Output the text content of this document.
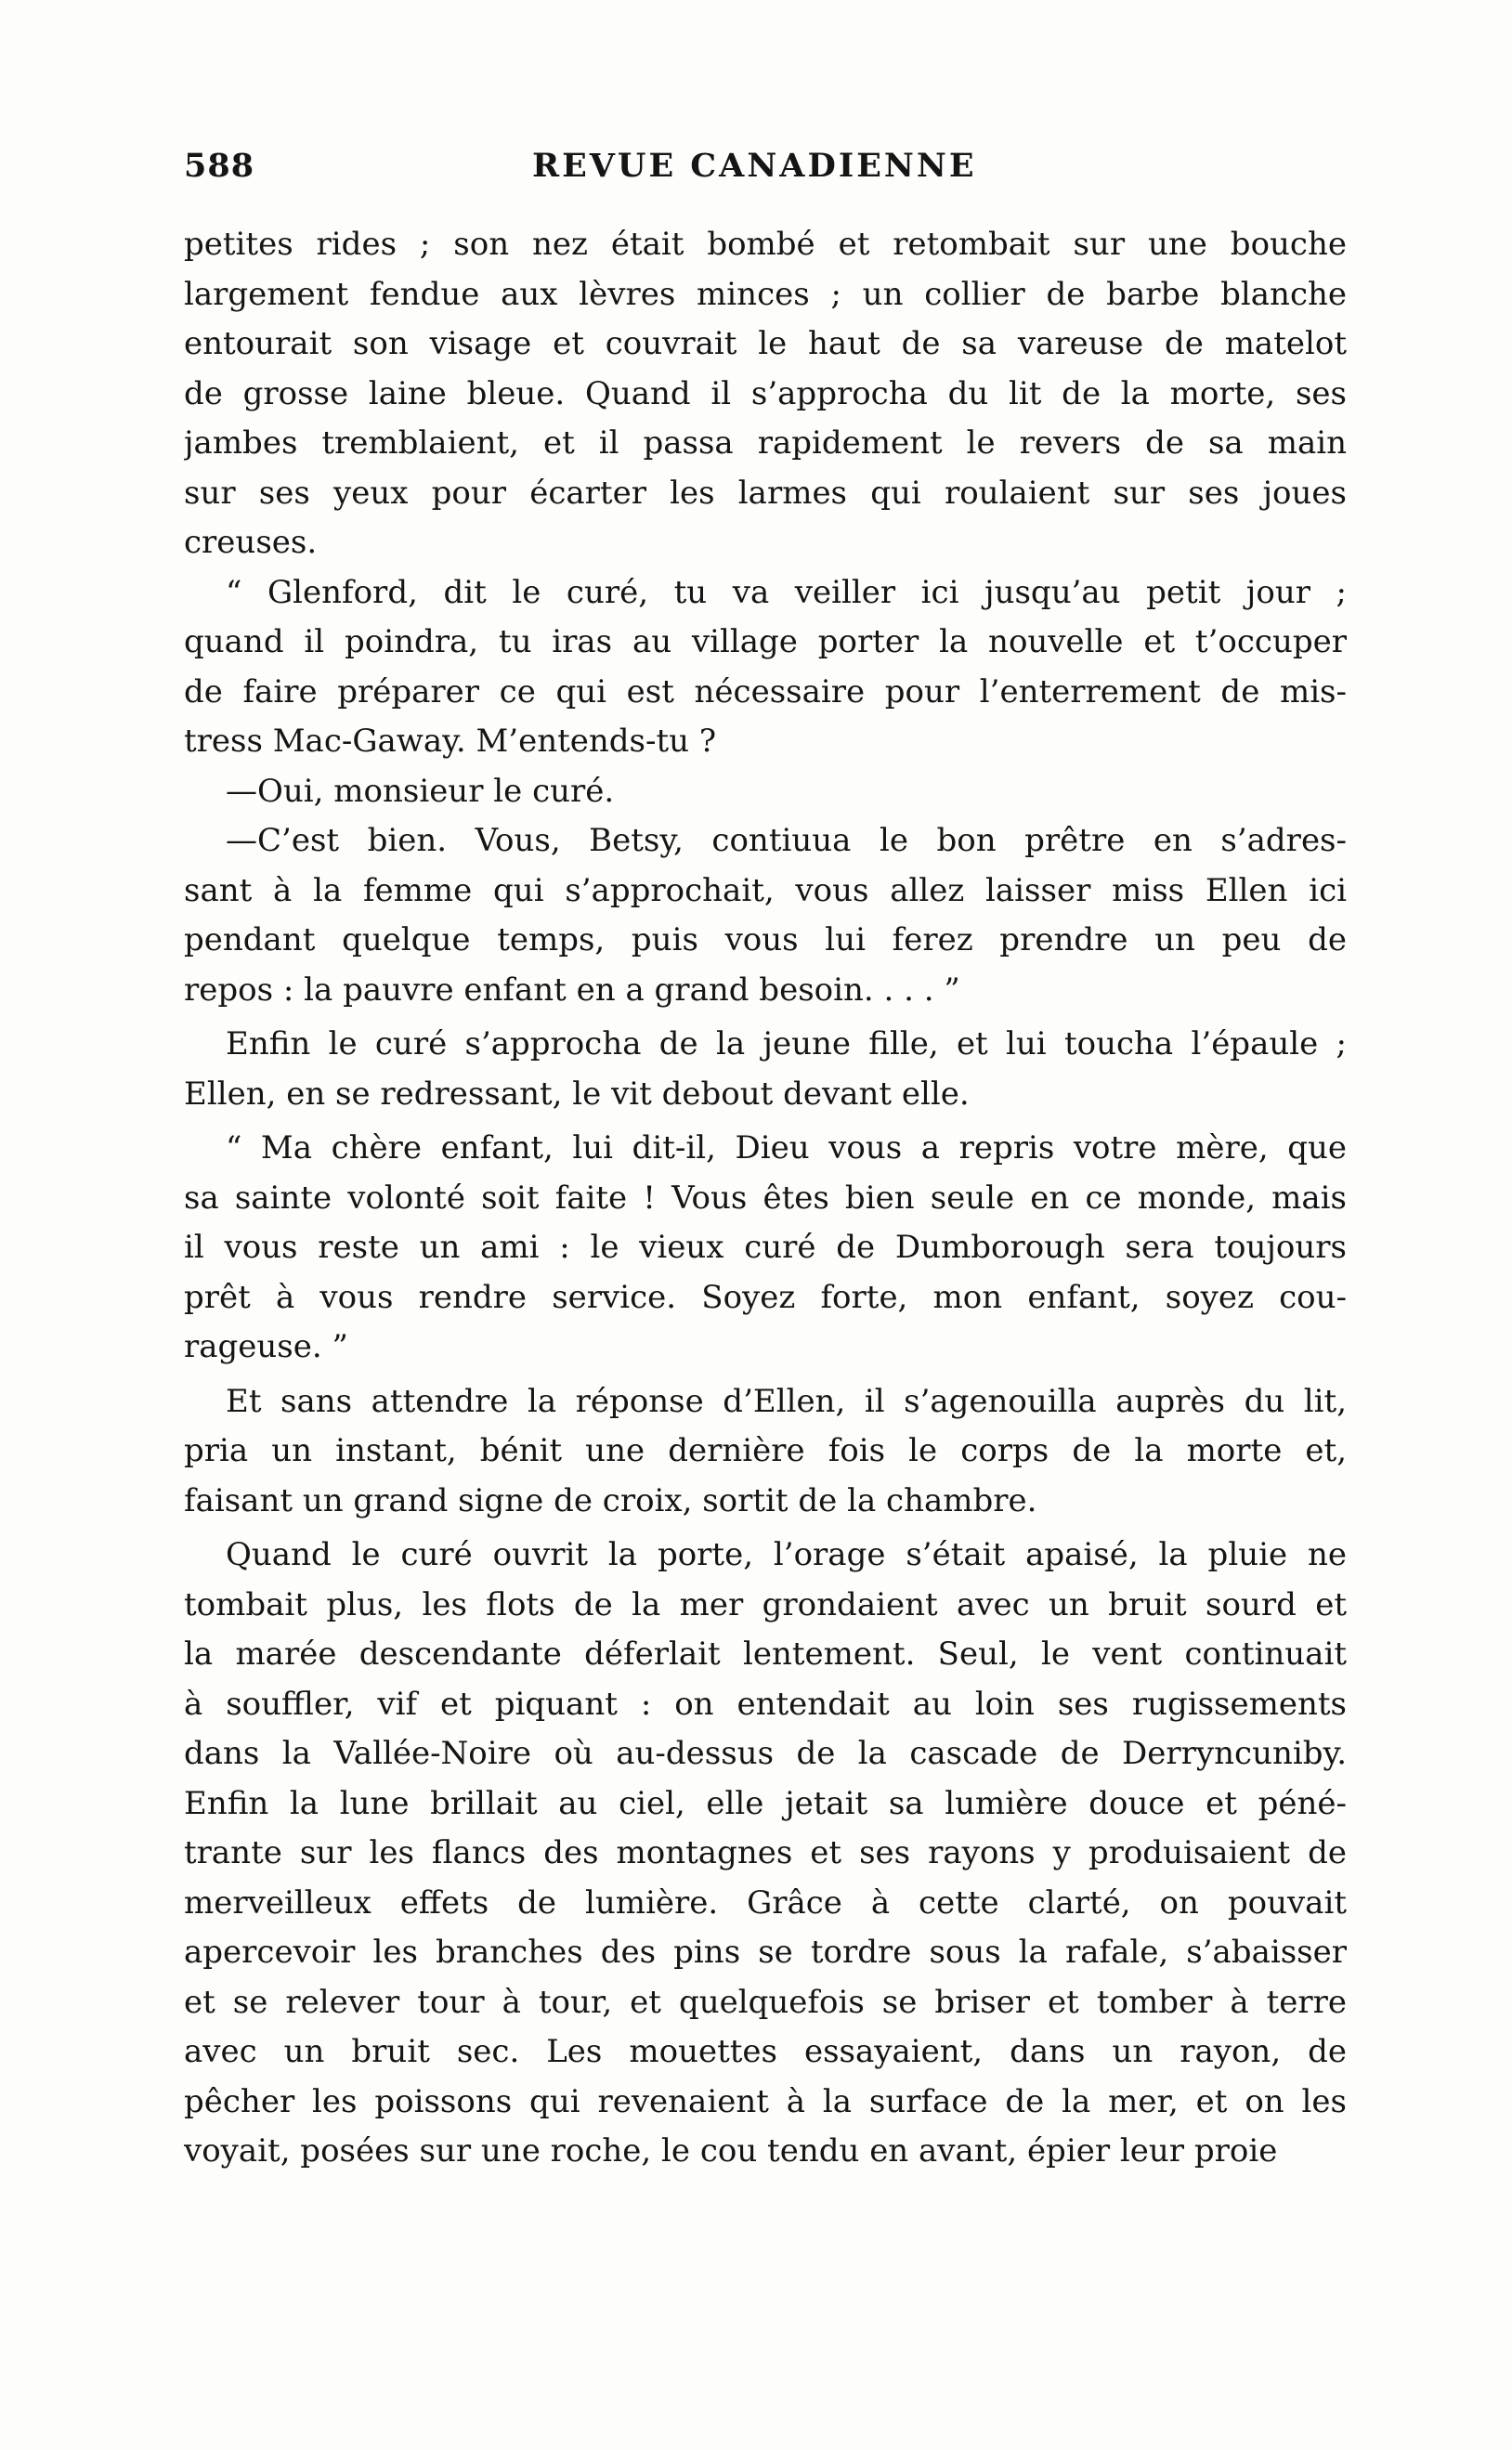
588	REVUE CANADIENNE
petites rides ; son nez était bombé et retombait sur une bouche
largement fendue aux lèvres minces ; un collier de barbe blanche
entourait son visage et couvrait le haut de sa vareuse de matelot
de grosse laine bleue. Quand il s’approcha du lit de la morte, ses
jambes tremblaient, et il passa rapidement le revers de sa main
sur ses yeux pour écarter les larmes qui roulaient sur ses joues
creuses.
“ Glenford, dit le curé, tu va veiller ici jusqu’au petit jour ;
quand il poindra, tu iras au village porter la nouvelle et t’occuper
de faire préparer ce qui est nécessaire pour l’enterrement de mis-
tress Mac-Gaway. M’entends-tu ?
—Oui, monsieur le curé.
—C’est bien. Vous, Betsy, contiuua le bon prêtre en s’adres-
sant à la femme qui s’approchait, vous allez laisser miss Ellen ici
pendant quelque temps, puis vous lui ferez prendre un peu de
repos : la pauvre enfant en a grand besoin. . . . ”
Enfin le curé s’approcha de la jeune fille, et lui toucha l’épaule ;
Ellen, en se redressant, le vit debout devant elle.
“ Ma chère enfant, lui dit-il, Dieu vous a repris votre mère, que
sa sainte volonté soit faite ! Vous êtes bien seule en ce monde, mais
il vous reste un ami : le vieux curé de Dumborough sera toujours
prêt à vous rendre service. Soyez forte, mon enfant, soyez cou-
rageuse. ”
Et sans attendre la réponse d’Ellen, il s’agenouilla auprès du lit,
pria un instant, bénit une dernière fois le corps de la morte et,
faisant un grand signe de croix, sortit de la chambre.
Quand le curé ouvrit la porte, l’orage s’était apaisé, la pluie ne
tombait plus, les flots de la mer grondaient avec un bruit sourd et
la marée descendante déferlait lentement. Seul, le vent continuait
à souffler, vif et piquant : on entendait au loin ses rugissements
dans la Vallée-Noire où au-dessus de la cascade de Derryncuniby.
Enfin la lune brillait au ciel, elle jetait sa lumière douce et péné-
trante sur les flancs des montagnes et ses rayons y produisaient de
merveilleux effets de lumière. Grâce à cette clarté, on pouvait
apercevoir les branches des pins se tordre sous la rafale, s’abaisser
et se relever tour à tour, et quelquefois se briser et tomber à terre
avec un bruit sec. Les mouettes essayaient, dans un rayon, de
pêcher les poissons qui revenaient à la surface de la mer, et on les
voyait, posées sur une roche, le cou tendu en avant, épier leur proie
